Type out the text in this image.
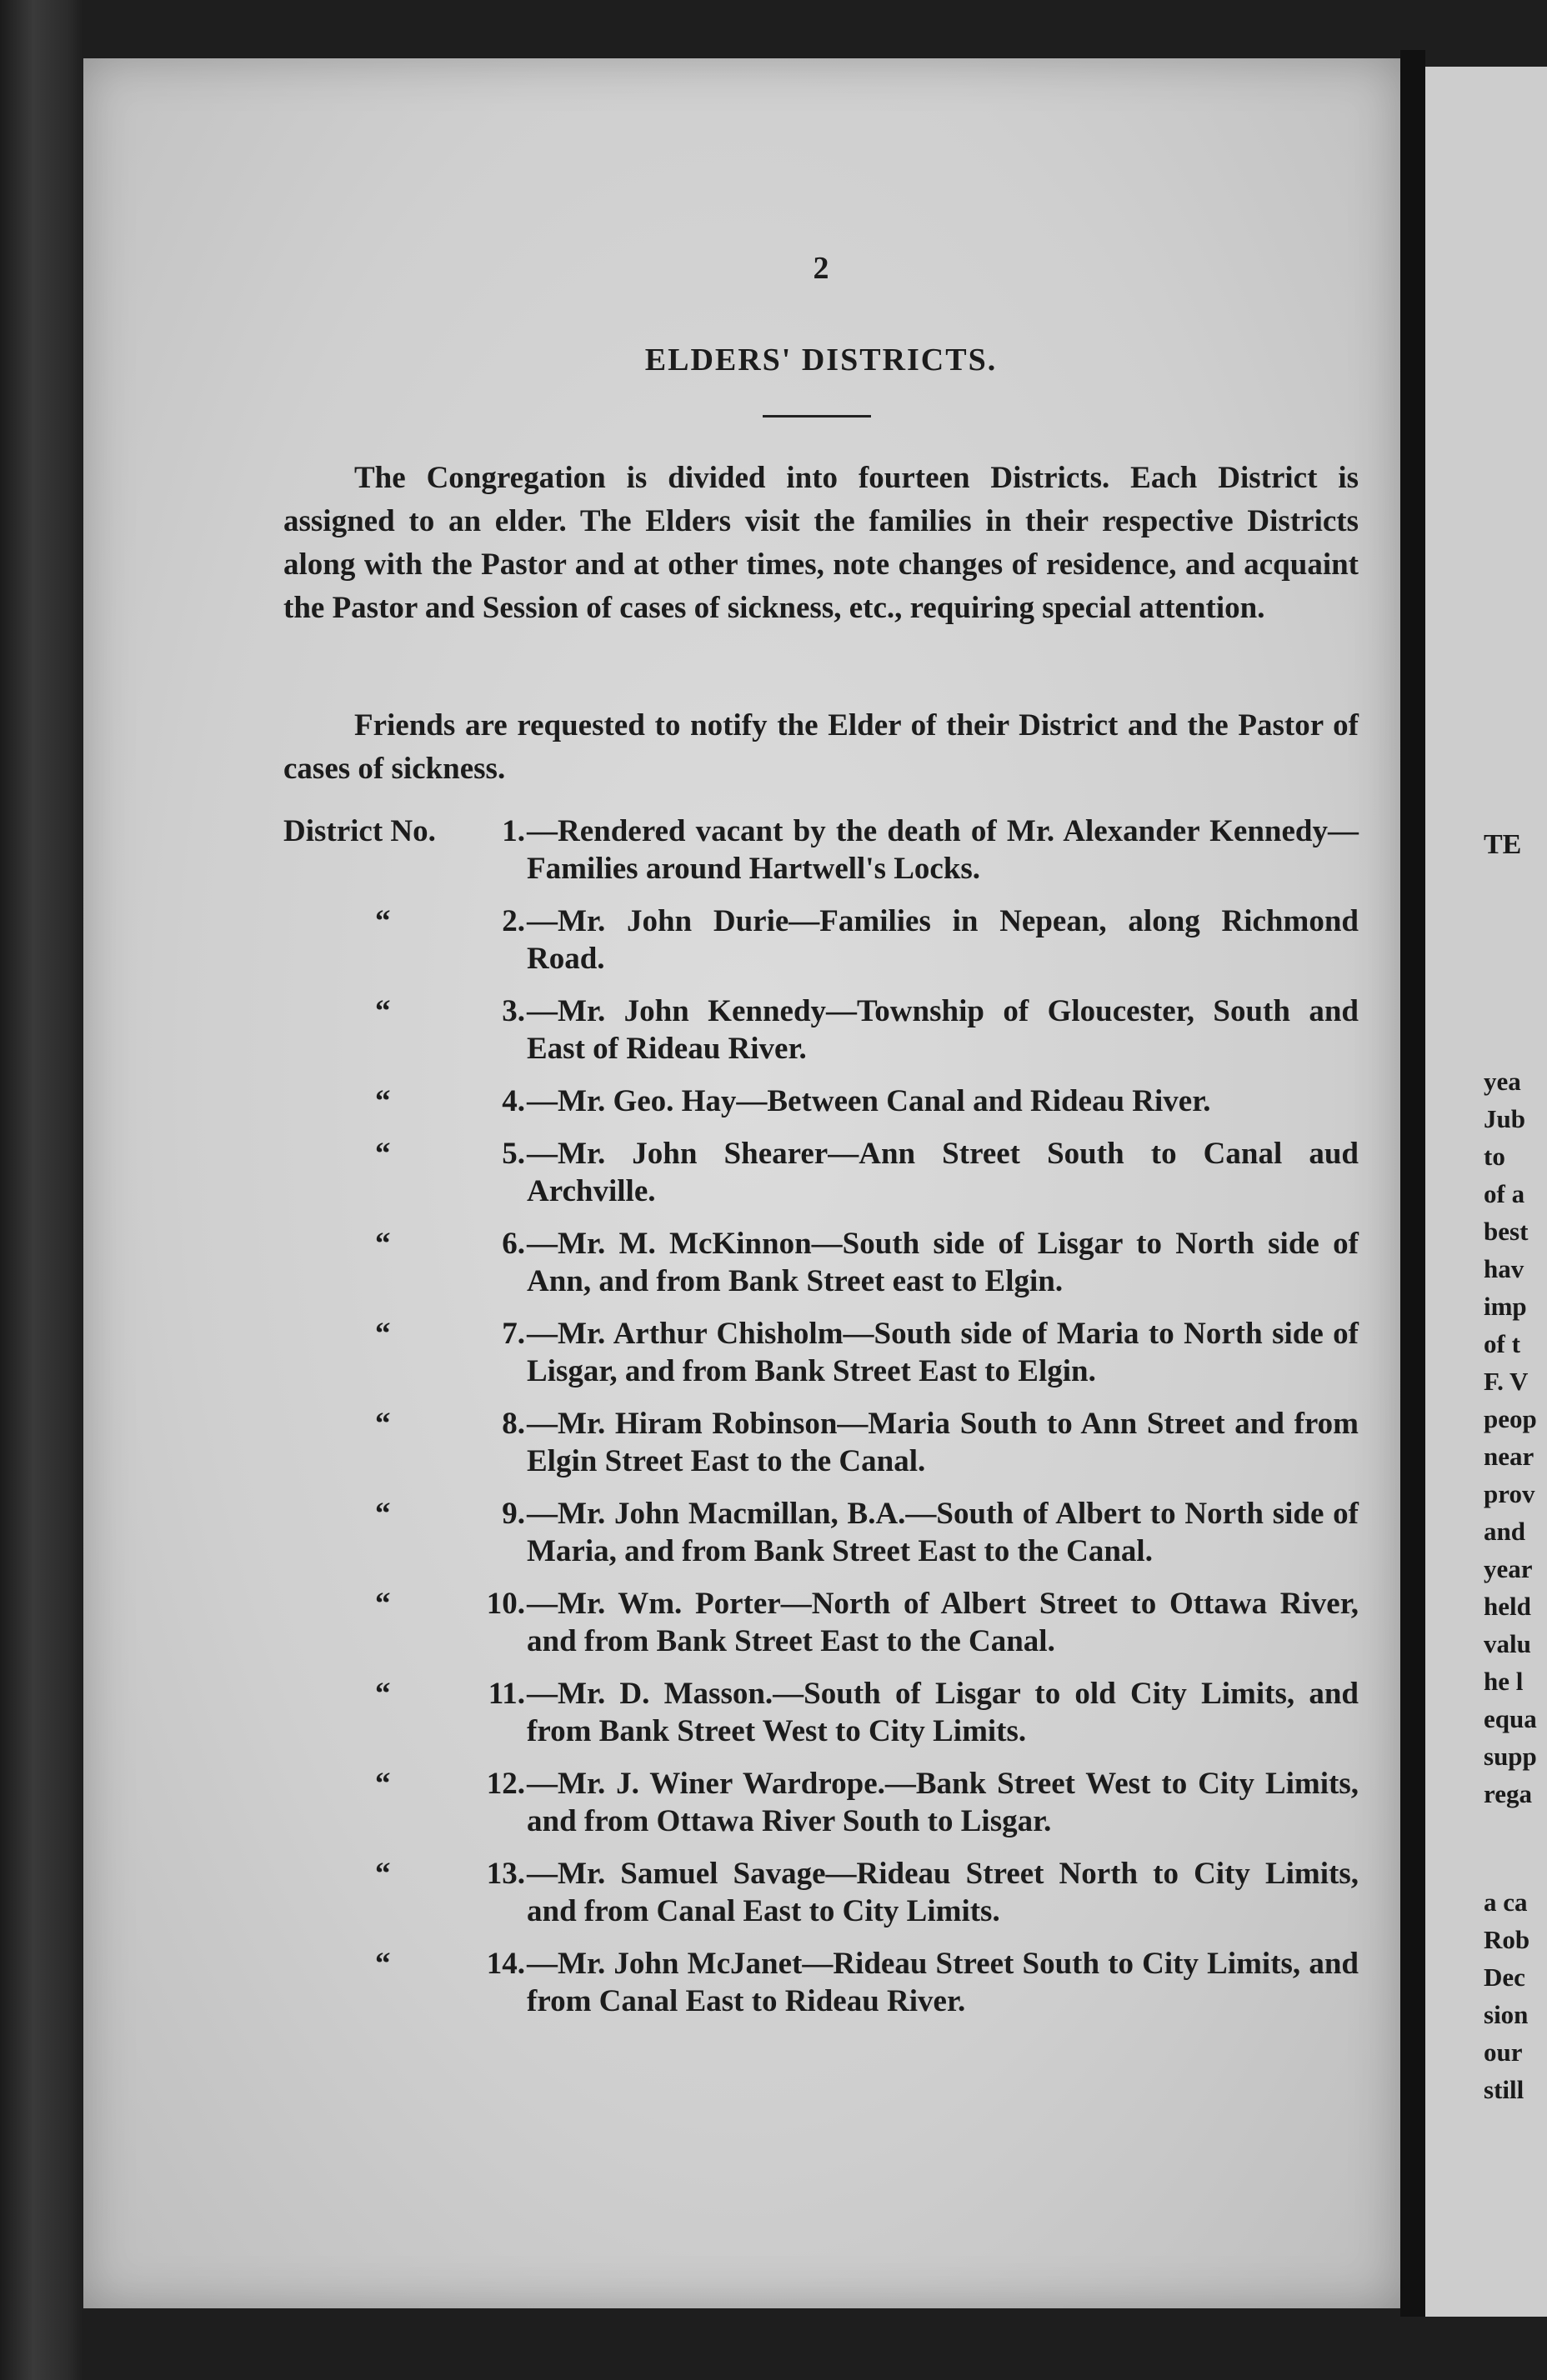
TE
yea
Jub
to
of a
best
hav
imp
of t
F. V
peop
near
prov
and
year
held
valu
he l
equa
supp
rega
a ca
Rob
Dec
sion
our
still
2
ELDERS' DISTRICTS.

The Congregation is divided into fourteen Districts. Each District is assigned to an elder. The Elders visit the families in their respective Districts along with the Pastor and at other times, note changes of residence, and acquaint the Pastor and Session of cases of sickness, etc., requiring special attention.

Friends are requested to notify the Elder of their District and the Pastor of cases of sickness.

District No.	1. —Rendered vacant by the death of Mr. Alexander Kennedy—Families around Hartwell's Locks.
“	2. —Mr. John Durie—Families in Nepean, along Richmond Road.
“	3. —Mr. John Kennedy—Township of Gloucester, South and East of Rideau River.
“	4. —Mr. Geo. Hay—Between Canal and Rideau River.
“	5. —Mr. John Shearer—Ann Street South to Canal aud Archville.
“	6. —Mr. M. McKinnon—South side of Lisgar to North side of Ann, and from Bank Street east to Elgin.
“	7. —Mr. Arthur Chisholm—South side of Maria to North side of Lisgar, and from Bank Street East to Elgin.
“	8. —Mr. Hiram Robinson—Maria South to Ann Street and from Elgin Street East to the Canal.
“	9. —Mr. John Macmillan, B.A.—South of Albert to North side of Maria, and from Bank Street East to the Canal.
“	10. —Mr. Wm. Porter—North of Albert Street to Ottawa River, and from Bank Street East to the Canal.
“	11. —Mr. D. Masson.—South of Lisgar to old City Limits, and from Bank Street West to City Limits.
“	12. —Mr. J. Winer Wardrope.—Bank Street West to City Limits, and from Ottawa River South to Lisgar.
“	13. —Mr. Samuel Savage—Rideau Street North to City Limits, and from Canal East to City Limits.
“	14. —Mr. John McJanet—Rideau Street South to City Limits, and from Canal East to Rideau River.
